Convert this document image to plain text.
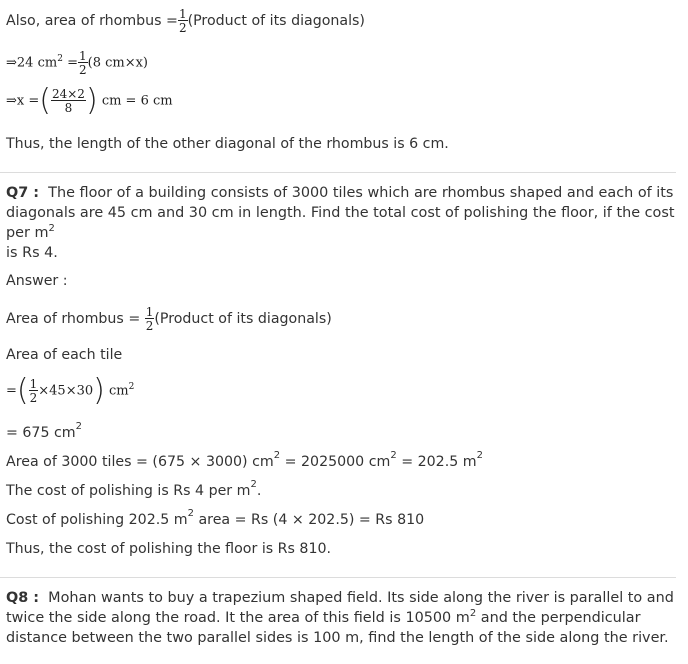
Also, area of rhombus = $\frac{1}{2}$ (Product of its diagonals)
⇒24 $cm^2 = \frac{1}{2} (8$ cm×x)
⇒x =( $\frac{24\times 2}{8}$ ) cm = 6 cm
Thus, the length of the other diagonal of the rhombus is 6 cm.
Q7 : The floor of a building consists of 3000 tiles which are rhombus shaped and each of its diagonals are 45 cm and 30 cm in length. Find the total cost of polishing the floor, if the cost per $m^2$
is Rs 4.
Answer :
Area of rhombus = $\frac{1}{2}$ (Product of its diagonals)
Area of each tile
=( $\frac{1}{2} \times 45\times 30$) $cm^2$
= 675 $cm^2$
Area of 3000 tiles = (675 × 3000) $cm^2 = 2025000$ $cm^2 = 202.5$ $m^2$
The cost of polishing is Rs 4 per $m^2$.
Cost of polishing 202.5 $m^2$ area = Rs (4 × 202.5) = Rs 810
Thus, the cost of polishing the floor is Rs 810.
Q8 : Mohan wants to buy a trapezium shaped field. Its side along the river is parallel to and twice the side along the road. It the area of this field is 10500 $m^2$ and the perpendicular distance between the two parallel sides is 100 m, find the length of the side along the river.
